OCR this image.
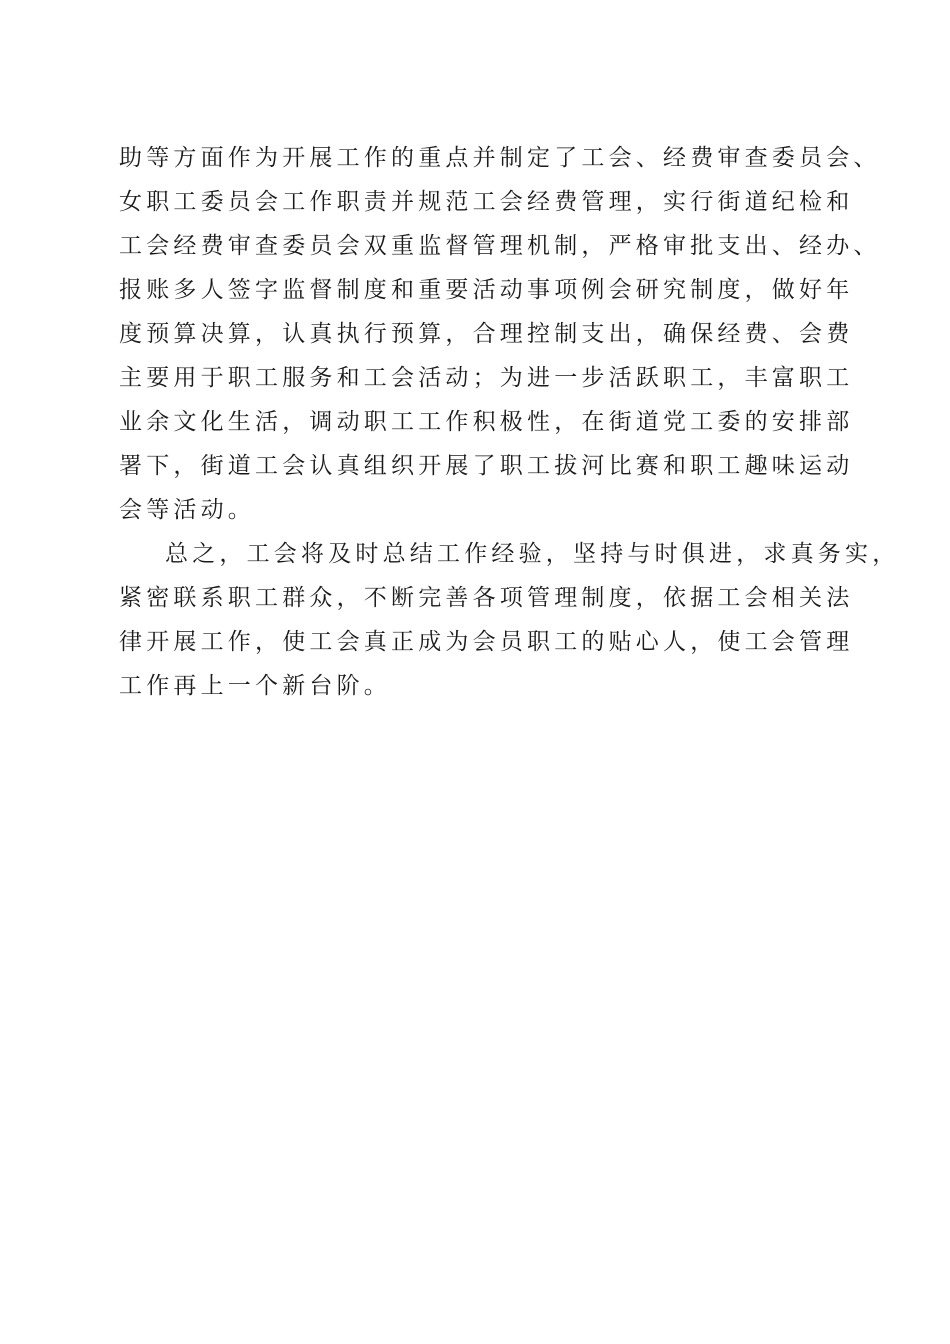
助等方面作为开展工作的重点并制定了工会、经费审查委员会、
女职工委员会工作职责并规范工会经费管理，实行街道纪检和
工会经费审查委员会双重监督管理机制，严格审批支出、经办、
报账多人签字监督制度和重要活动事项例会研究制度，做好年
度预算决算，认真执行预算，合理控制支出，确保经费、会费
主要用于职工服务和工会活动；为进一步活跃职工，丰富职工
业余文化生活，调动职工工作积极性，在街道党工委的安排部
署下，街道工会认真组织开展了职工拔河比赛和职工趣味运动
会等活动。
总之，工会将及时总结工作经验，坚持与时俱进，求真务实，
紧密联系职工群众，不断完善各项管理制度，依据工会相关法
律开展工作，使工会真正成为会员职工的贴心人，使工会管理
工作再上一个新台阶。
